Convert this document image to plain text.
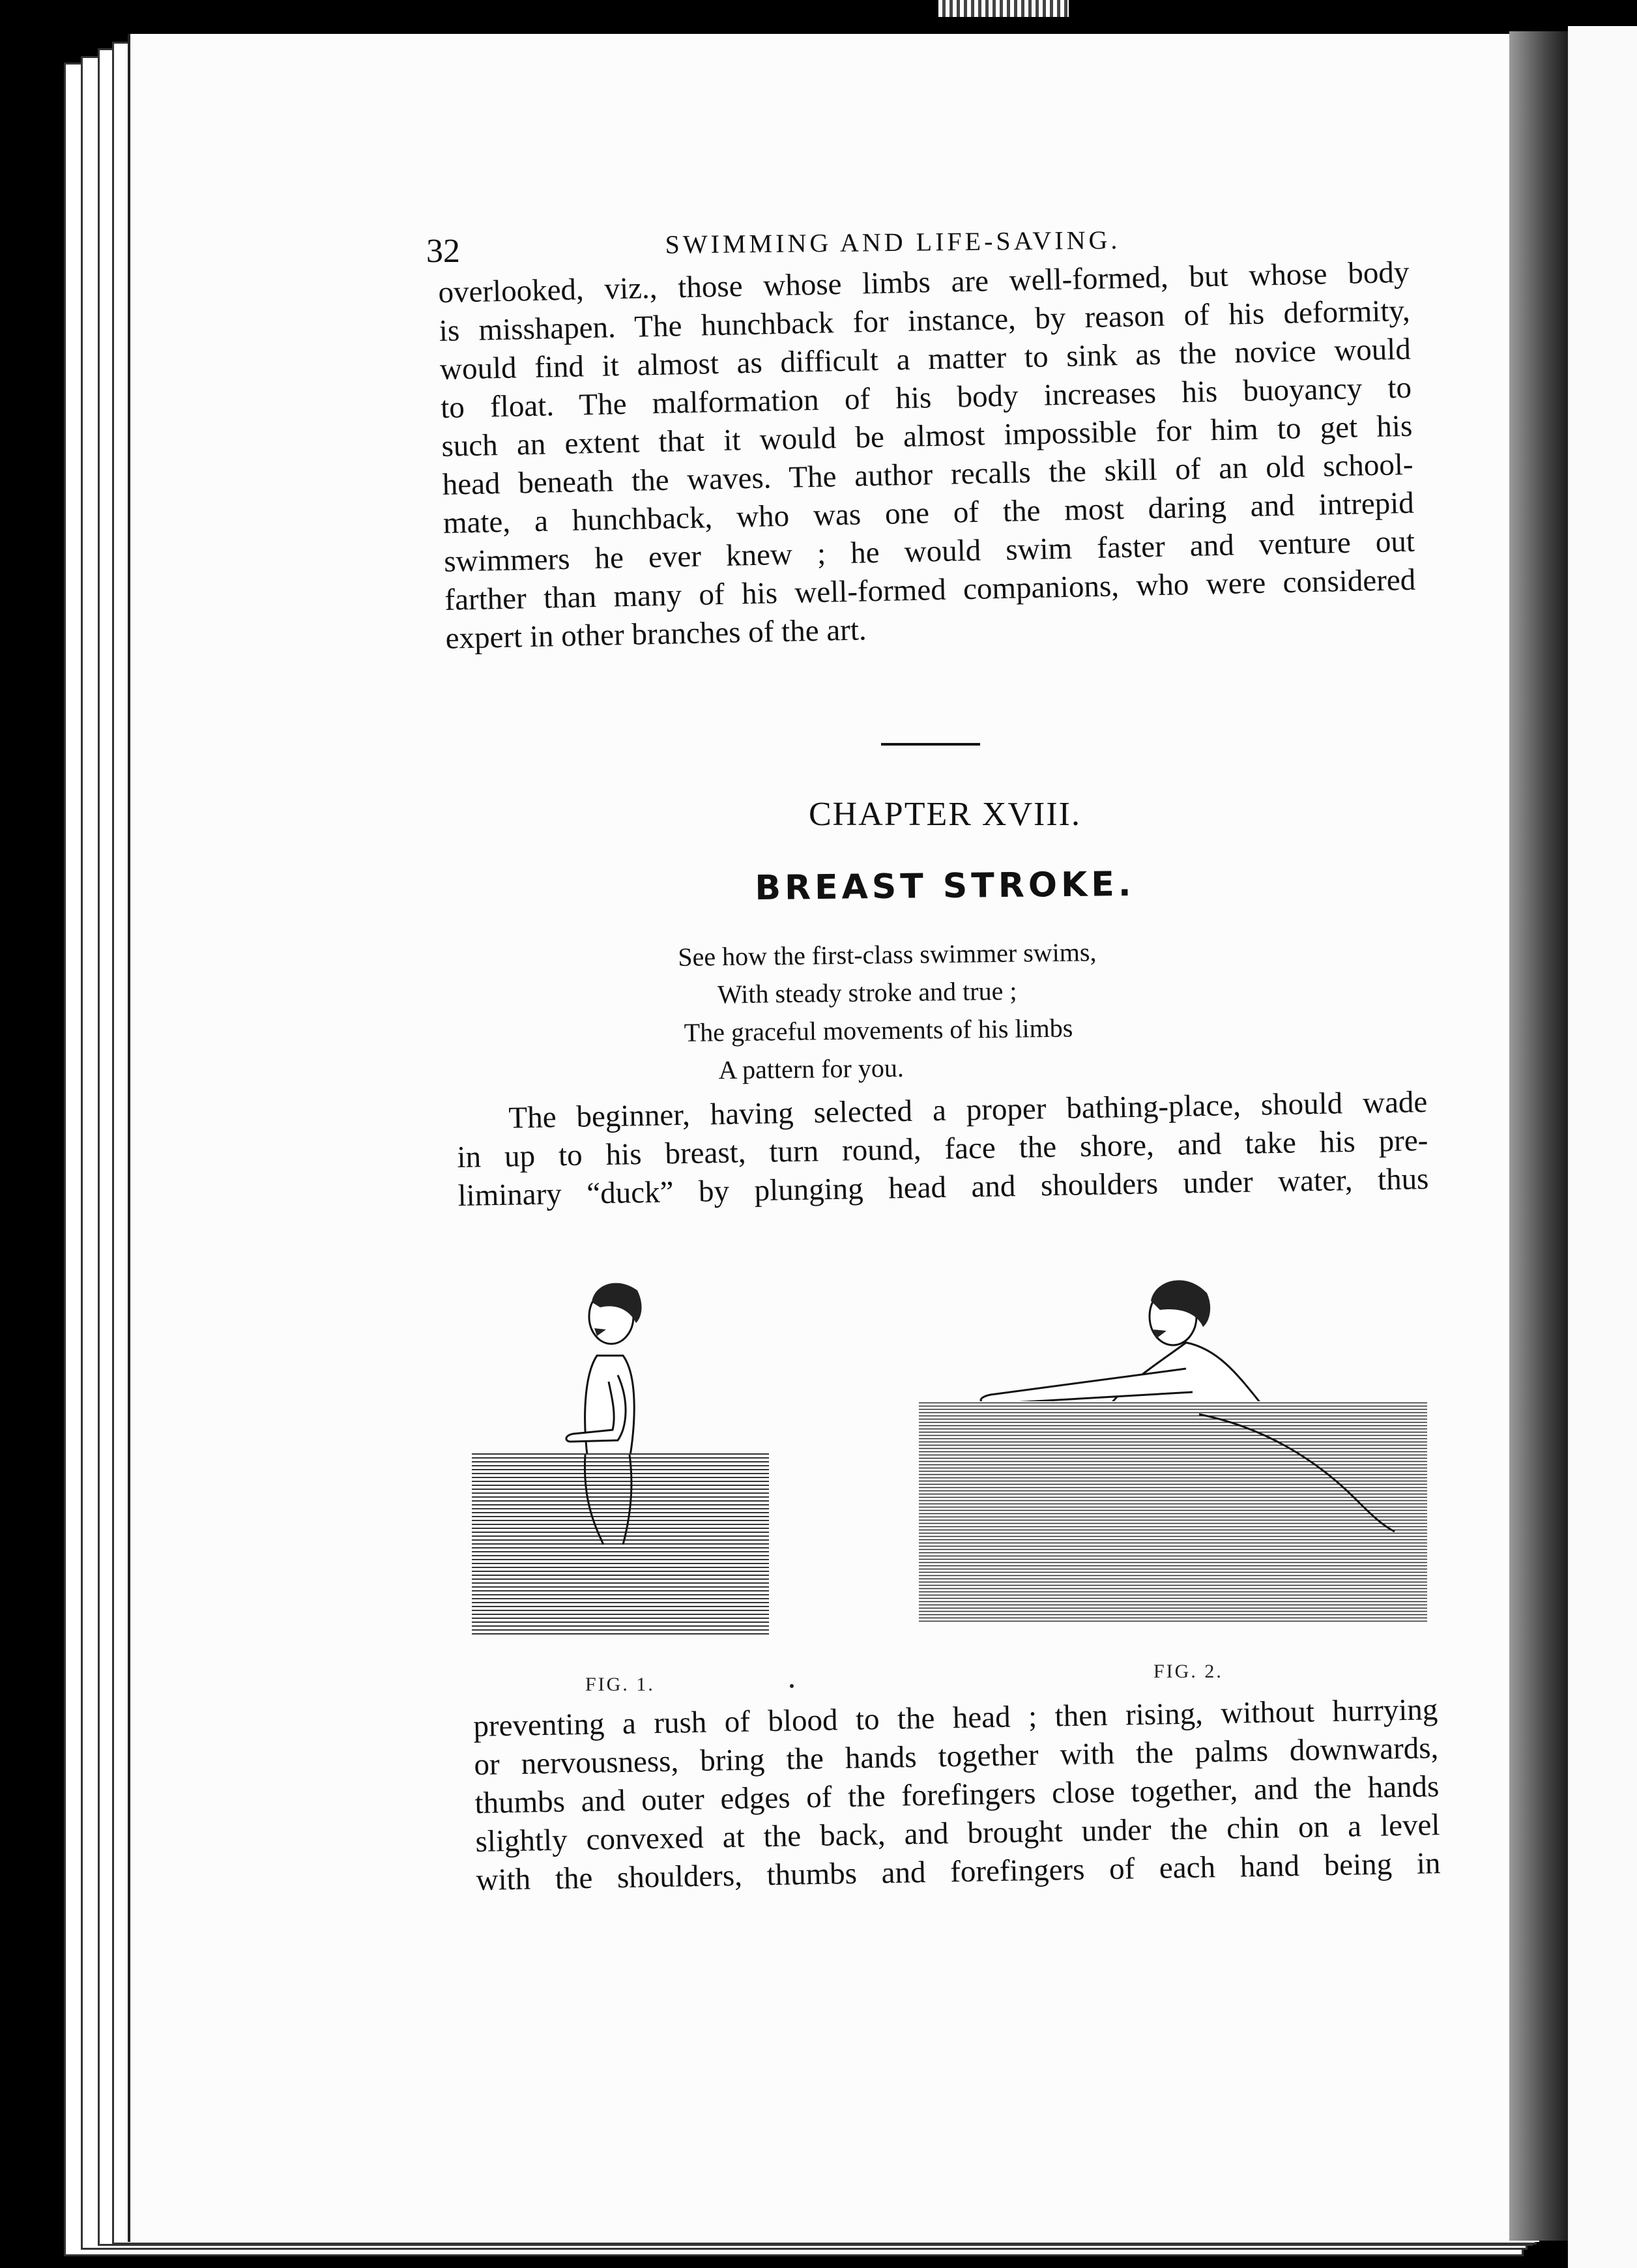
32	SWIMMING AND LIFE-SAVING.
overlooked, viz., those whose limbs are well-formed, but whose body
is misshapen. The hunchback for instance, by reason of his deformity,
would find it almost as difficult a matter to sink as the novice would
to float. The malformation of his body increases his buoyancy to
such an extent that it would be almost impossible for him to get his
head beneath the waves. The author recalls the skill of an old school-
mate, a hunchback, who was one of the most daring and intrepid
swimmers he ever knew ; he would swim faster and venture out
farther than many of his well-formed companions, who were considered
expert in other branches of the art.
CHAPTER XVIII.
BREAST STROKE.
See how the first-class swimmer swims,
With steady stroke and true ;
The graceful movements of his limbs
A pattern for you.
The beginner, having selected a proper bathing-place, should wade
in up to his breast, turn round, face the shore, and take his pre-
liminary “duck” by plunging head and shoulders under water, thus
FIG. 1.
FIG. 2.
preventing a rush of blood to the head ; then rising, without hurrying
or nervousness, bring the hands together with the palms downwards,
thumbs and outer edges of the forefingers close together, and the hands
slightly convexed at the back, and brought under the chin on a level
with the shoulders, thumbs and forefingers of each hand being in
